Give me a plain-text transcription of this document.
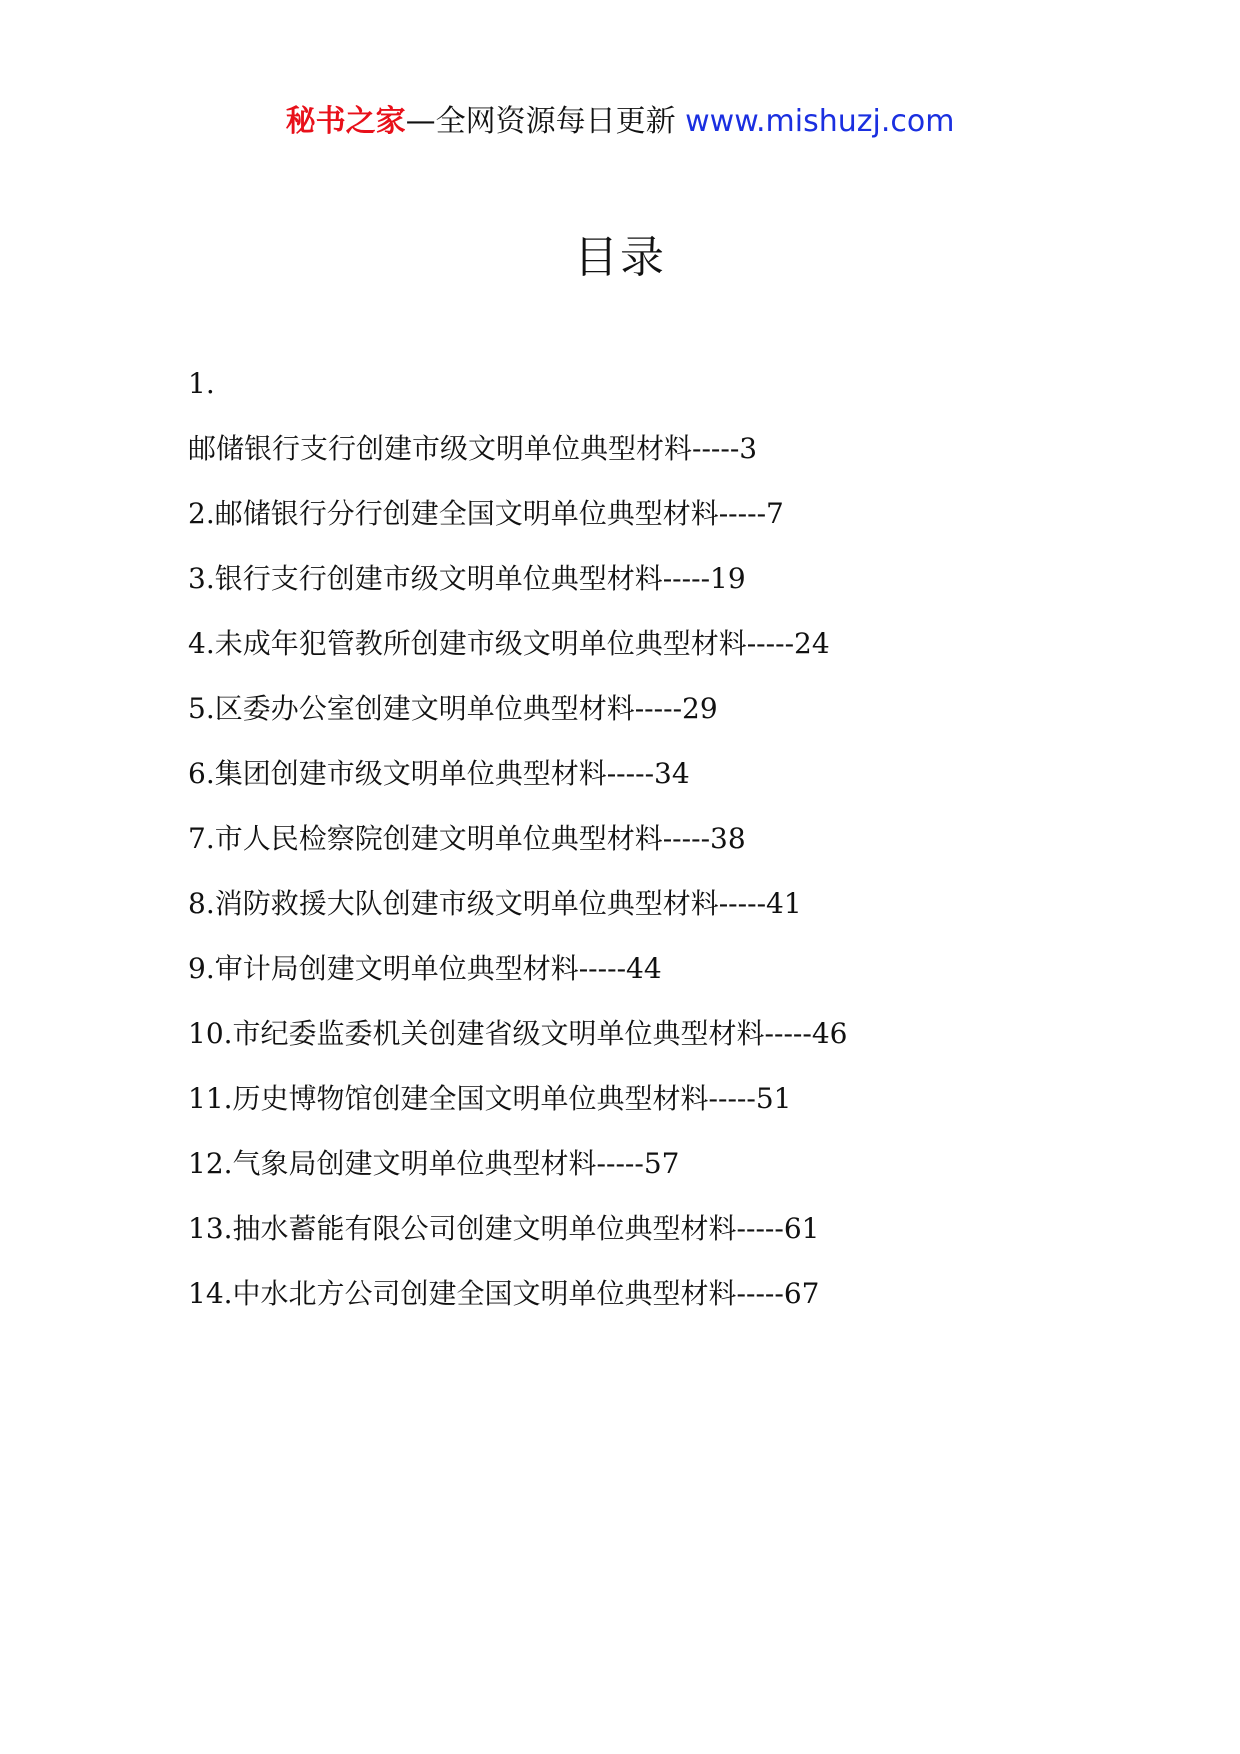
秘书之家—全网资源每日更新 www.mishuzj.com
目录
1.
邮储银行支行创建市级文明单位典型材料-----3
2.邮储银行分行创建全国文明单位典型材料-----7
3.银行支行创建市级文明单位典型材料-----19
4.未成年犯管教所创建市级文明单位典型材料-----24
5.区委办公室创建文明单位典型材料-----29
6.集团创建市级文明单位典型材料-----34
7.市人民检察院创建文明单位典型材料-----38
8.消防救援大队创建市级文明单位典型材料-----41
9.审计局创建文明单位典型材料-----44
10.市纪委监委机关创建省级文明单位典型材料-----46
11.历史博物馆创建全国文明单位典型材料-----51
12.气象局创建文明单位典型材料-----57
13.抽水蓄能有限公司创建文明单位典型材料-----61
14.中水北方公司创建全国文明单位典型材料-----67
